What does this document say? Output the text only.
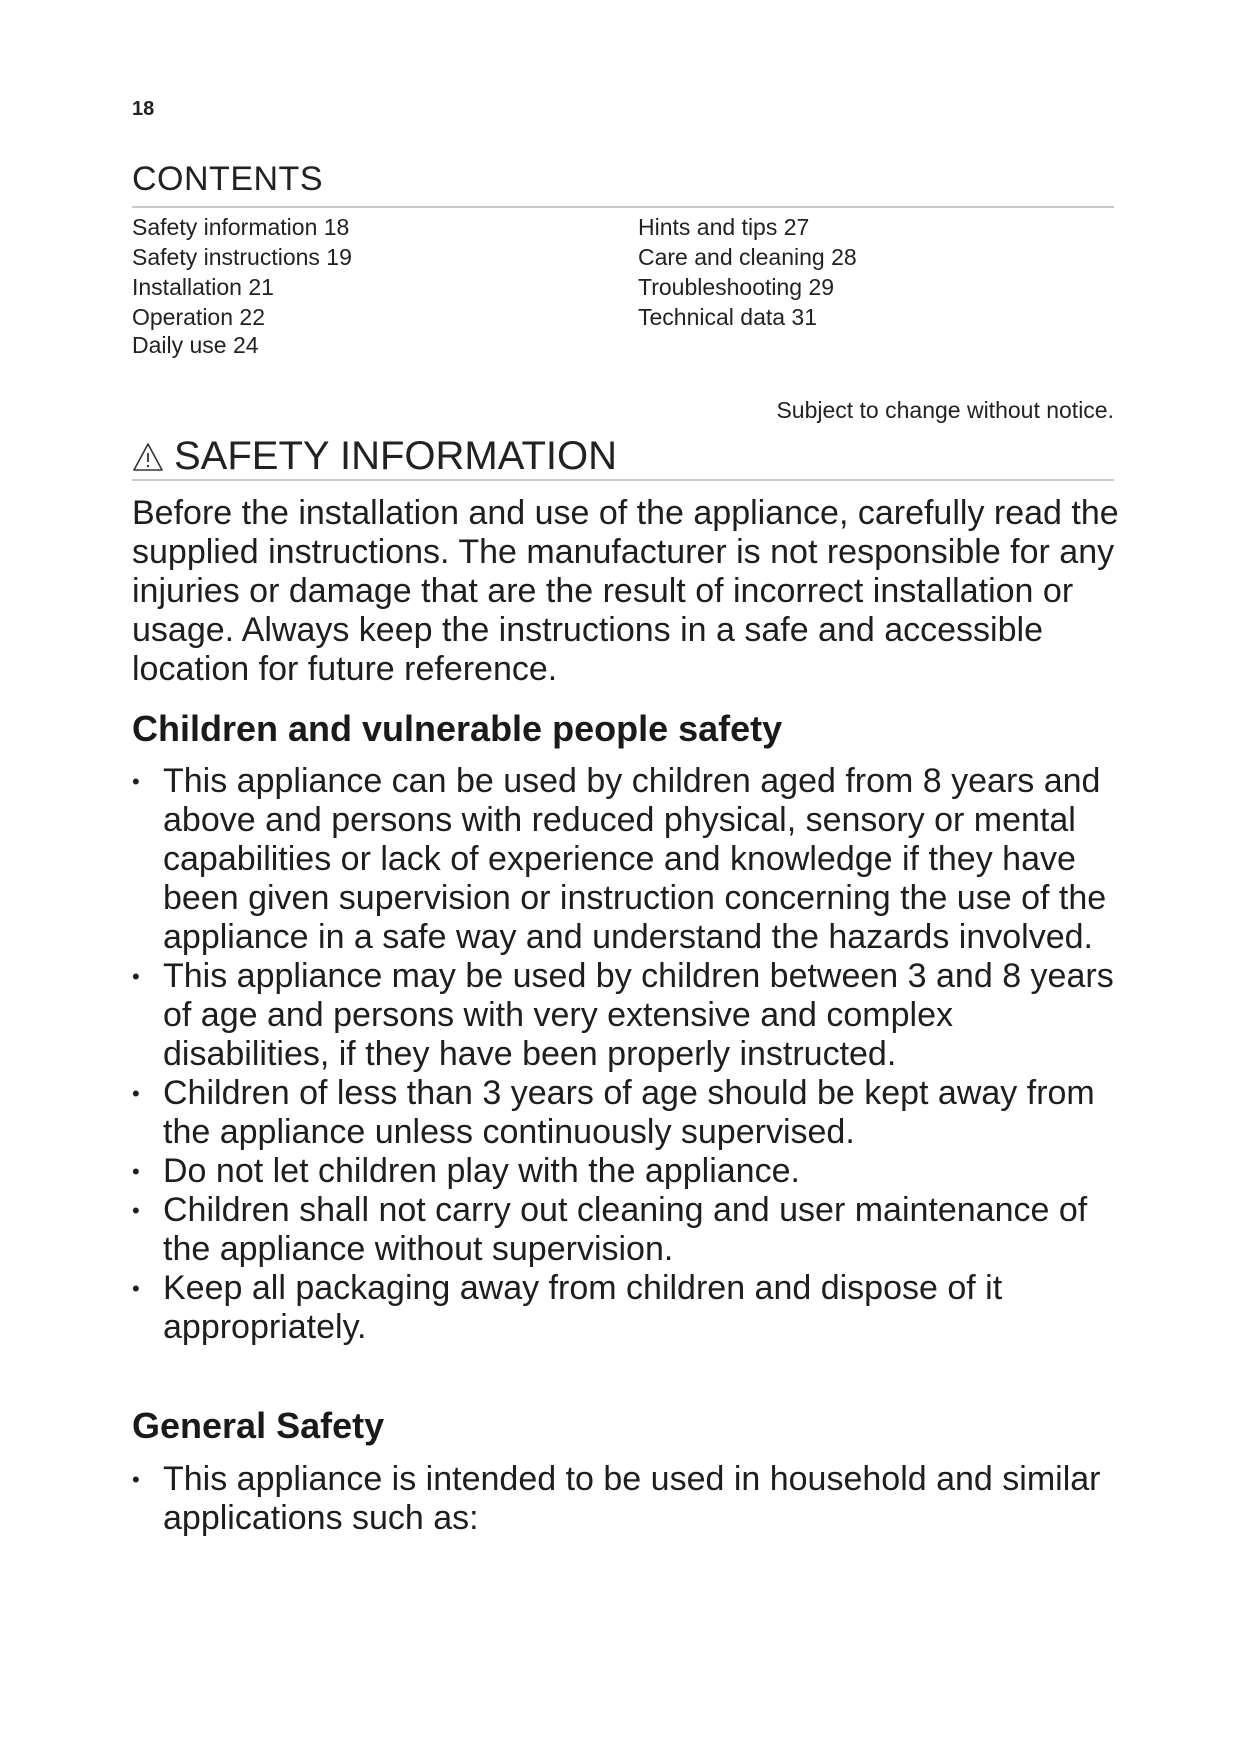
18
CONTENTS
Safety information 18
Safety instructions 19
Installation 21
Operation 22
Daily use 24
Hints and tips 27
Care and cleaning 28
Troubleshooting 29
Technical data 31
Subject to change without notice.
SAFETY INFORMATION

Before the installation and use of the appliance, carefully read the supplied instructions. The manufacturer is not responsible for any injuries or damage that are the result of incorrect installation or usage. Always keep the instructions in a safe and accessible location for future reference.

Children and vulnerable people safety
• This appliance can be used by children aged from 8 years and above and persons with reduced physical, sensory or mental capabilities or lack of experience and knowledge if they have been given supervision or instruction concerning the use of the appliance in a safe way and understand the hazards involved.
• This appliance may be used by children between 3 and 8 years of age and persons with very extensive and complex disabilities, if they have been properly instructed.
• Children of less than 3 years of age should be kept away from the appliance unless continuously supervised.
• Do not let children play with the appliance.
• Children shall not carry out cleaning and user maintenance of the appliance without supervision.
• Keep all packaging away from children and dispose of it appropriately.
General Safety
• This appliance is intended to be used in household and similar applications such as:
